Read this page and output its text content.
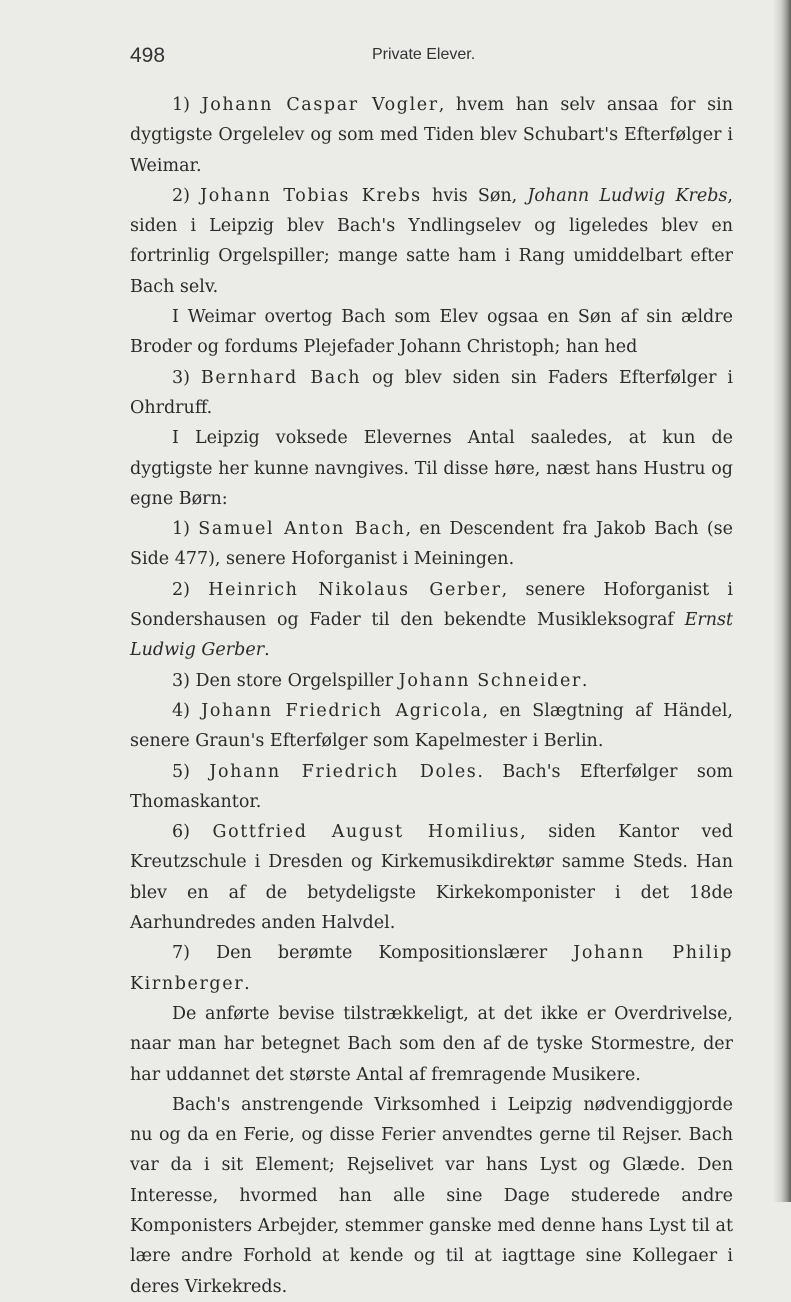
498	Private Elever.

1) Johann Caspar Vogler, hvem han selv ansaa for sin dygtigste Orgelelev og som med Tiden blev Schubart's Efterfølger i Weimar.

2) Johann Tobias Krebs hvis Søn, Johann Ludwig Krebs, siden i Leipzig blev Bach's Yndlingselev og ligeledes blev en fortrinlig Orgelspiller; mange satte ham i Rang umiddelbart efter Bach selv.

I Weimar overtog Bach som Elev ogsaa en Søn af sin ældre Broder og fordums Plejefader Johann Christoph; han hed

3) Bernhard Bach og blev siden sin Faders Efterfølger i Ohrdruff.

I Leipzig voksede Elevernes Antal saaledes, at kun de dygtigste her kunne navngives. Til disse høre, næst hans Hustru og egne Børn:

1) Samuel Anton Bach, en Descendent fra Jakob Bach (se Side 477), senere Hoforganist i Meiningen.

2) Heinrich Nikolaus Gerber, senere Hoforganist i Sondershausen og Fader til den bekendte Musikleksograf Ernst Ludwig Gerber.

3) Den store Orgelspiller Johann Schneider.

4) Johann Friedrich Agricola, en Slægtning af Händel, senere Graun's Efterfølger som Kapelmester i Berlin.

5) Johann Friedrich Doles. Bach's Efterfølger som Thomaskantor.

6) Gottfried August Homilius, siden Kantor ved Kreutzschule i Dresden og Kirkemusikdirektør samme Steds. Han blev en af de betydeligste Kirkekomponister i det 18de Aarhundredes anden Halvdel.

7) Den berømte Kompositionslærer Johann Philip Kirnberger.

De anførte bevise tilstrækkeligt, at det ikke er Overdrivelse, naar man har betegnet Bach som den af de tyske Stormestre, der har uddannet det største Antal af fremragende Musikere.

Bach's anstrengende Virksomhed i Leipzig nødvendiggjorde nu og da en Ferie, og disse Ferier anvendtes gerne til Rejser. Bach var da i sit Element; Rejselivet var hans Lyst og Glæde. Den Interesse, hvormed han alle sine Dage studerede andre Komponisters Arbejder, stemmer ganske med denne hans Lyst til at lære andre Forhold at kende og til at iagttage sine Kollegaer i deres Virkekreds.
